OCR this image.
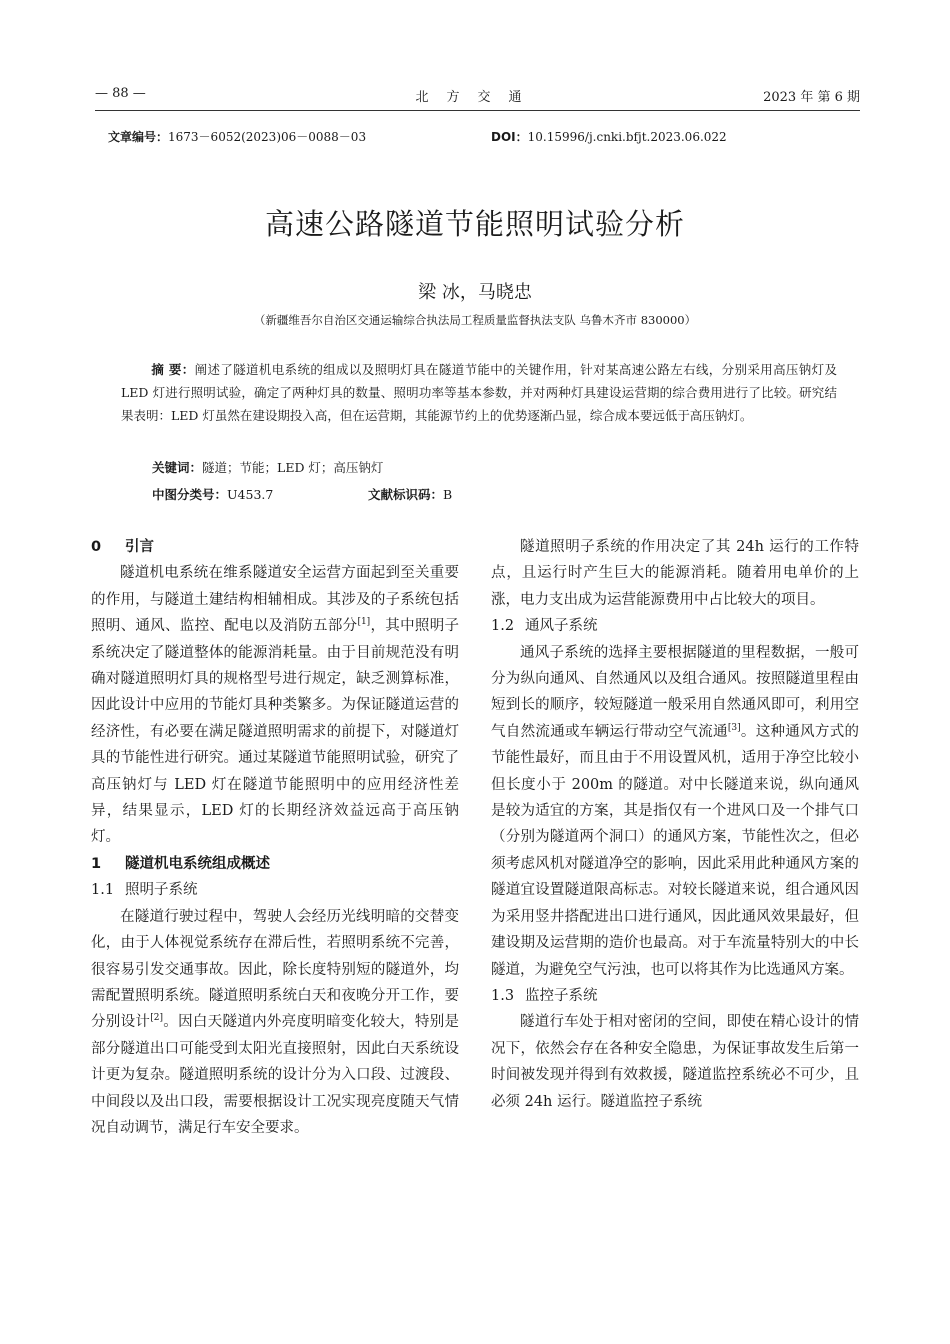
— 88 —	北方交通	2023 年 第 6 期
文章编号：1673－6052(2023)06－0088－03	DOI：10.15996/j.cnki.bfjt.2023.06.022
高速公路隧道节能照明试验分析
梁 冰，马晓忠
（新疆维吾尔自治区交通运输综合执法局工程质量监督执法支队 乌鲁木齐市 830000）
摘 要：阐述了隧道机电系统的组成以及照明灯具在隧道节能中的关键作用，针对某高速公路左右线，分别采用高压钠灯及 LED 灯进行照明试验，确定了两种灯具的数量、照明功率等基本参数，并对两种灯具建设运营期的综合费用进行了比较。研究结果表明：LED 灯虽然在建设期投入高，但在运营期，其能源节约上的优势逐渐凸显，综合成本要远低于高压钠灯。
关键词：隧道；节能；LED 灯；高压钠灯
中图分类号：U453.7	文献标识码：B
0 引言

隧道机电系统在维系隧道安全运营方面起到至关重要的作用，与隧道土建结构相辅相成。其涉及的子系统包括照明、通风、监控、配电以及消防五部分[1]，其中照明子系统决定了隧道整体的能源消耗量。由于目前规范没有明确对隧道照明灯具的规格型号进行规定，缺乏测算标准，因此设计中应用的节能灯具种类繁多。为保证隧道运营的经济性，有必要在满足隧道照明需求的前提下，对隧道灯具的节能性进行研究。通过某隧道节能照明试验，研究了高压钠灯与 LED 灯在隧道节能照明中的应用经济性差异，结果显示，LED 灯的长期经济效益远高于高压钠灯。

1 隧道机电系统组成概述
1.1 照明子系统

在隧道行驶过程中，驾驶人会经历光线明暗的交替变化，由于人体视觉系统存在滞后性，若照明系统不完善，很容易引发交通事故。因此，除长度特别短的隧道外，均需配置照明系统。隧道照明系统白天和夜晚分开工作，要分别设计[2]。因白天隧道内外亮度明暗变化较大，特别是部分隧道出口可能受到太阳光直接照射，因此白天系统设计更为复杂。隧道照明系统的设计分为入口段、过渡段、中间段以及出口段，需要根据设计工况实现亮度随天气情况自动调节，满足行车安全要求。

隧道照明子系统的作用决定了其 24h 运行的工作特点，且运行时产生巨大的能源消耗。随着用电单价的上涨，电力支出成为运营能源费用中占比较大的项目。

1.2 通风子系统

通风子系统的选择主要根据隧道的里程数据，一般可分为纵向通风、自然通风以及组合通风。按照隧道里程由短到长的顺序，较短隧道一般采用自然通风即可，利用空气自然流通或车辆运行带动空气流通[3]。这种通风方式的节能性最好，而且由于不用设置风机，适用于净空比较小但长度小于 200m 的隧道。对中长隧道来说，纵向通风是较为适宜的方案，其是指仅有一个进风口及一个排气口（分别为隧道两个洞口）的通风方案，节能性次之，但必须考虑风机对隧道净空的影响，因此采用此种通风方案的隧道宜设置隧道限高标志。对较长隧道来说，组合通风因为采用竖井搭配进出口进行通风，因此通风效果最好，但建设期及运营期的造价也最高。对于车流量特别大的中长隧道，为避免空气污浊，也可以将其作为比选通风方案。

1.3 监控子系统

隧道行车处于相对密闭的空间，即使在精心设计的情况下，依然会存在各种安全隐患，为保证事故发生后第一时间被发现并得到有效救援，隧道监控系统必不可少，且必须 24h 运行。隧道监控子系统
